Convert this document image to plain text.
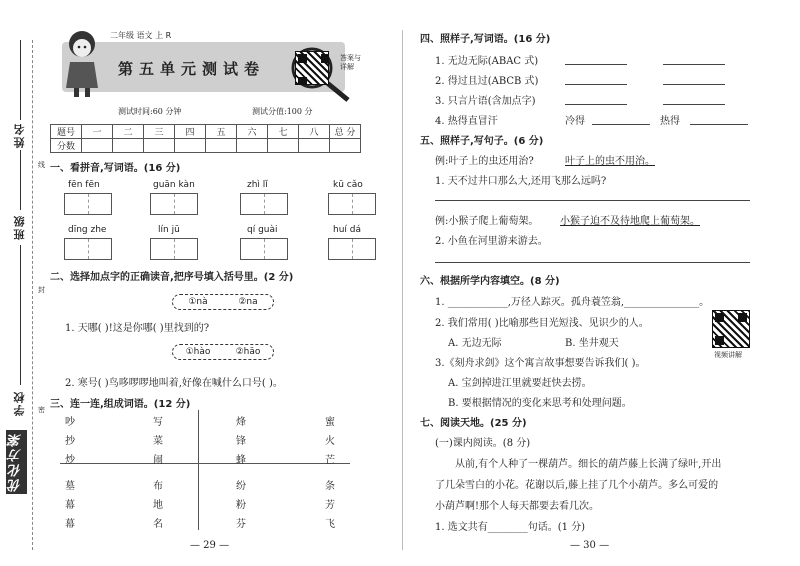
姓名
班级
学校
线
封
密
优化方案
二年级 语文 上 R
第五单元测试卷
答案与详解
测试时间:60 分钟	测试分值:100 分
题号	一	二	三	四	五	六	七	八	总 分
分数									
一、看拼音,写词语。(16 分)
fēn fēn	guān kàn	zhì lǐ	kū cǎo
dīng zhe	lín jū	qí guài	huí dá
二、选择加点字的正确读音,把序号填入括号里。(2 分)
①nà	②na
1. 天哪( )!这是你哪( )里找到的?
①hào	②hāo
2. 寒号( )鸟哆啰啰地叫着,好像在喊什么口号( )。
三、连一连,组成词语。(12 分)
吵
抄
炒
写
菜
闹
烽
锋
蜂
蜜
火
芒
墓
幕
幕
布
地
名
纷
粉
芬
条
芳
飞
— 29 —
四、照样子,写词语。(16 分)
1. 无边无际(ABAC 式)
2. 得过且过(ABCB 式)
3. 只言片语(含加点字)
4. 热得直冒汗	冷得	热得
五、照样子,写句子。(6 分)
例:叶子上的虫还用治?	叶子上的虫不用治。
1. 天不过井口那么大,还用飞那么远吗?
例:小猴子爬上葡萄架。 小猴子迫不及待地爬上葡萄架。
2. 小鱼在河里游来游去。
六、根据所学内容填空。(8 分)
1. ____________,万径人踪灭。孤舟蓑笠翁,_______________。
2. 我们常用( )比喻那些目光短浅、见识少的人。
A. 无边无际	B. 坐井观天
3.《刻舟求剑》这个寓言故事想要告诉我们( )。
A. 宝剑掉进江里就要赶快去捞。
B. 要根据情况的变化来思考和处理问题。
视频讲解
七、阅读天地。(25 分)
(一)课内阅读。(8 分)
从前,有个人种了一棵葫芦。细长的葫芦藤上长满了绿叶,开出
了几朵雪白的小花。花谢以后,藤上挂了几个小葫芦。多么可爱的
小葫芦啊!那个人每天都要去看几次。
1. 选文共有________句话。(1 分)
— 30 —
